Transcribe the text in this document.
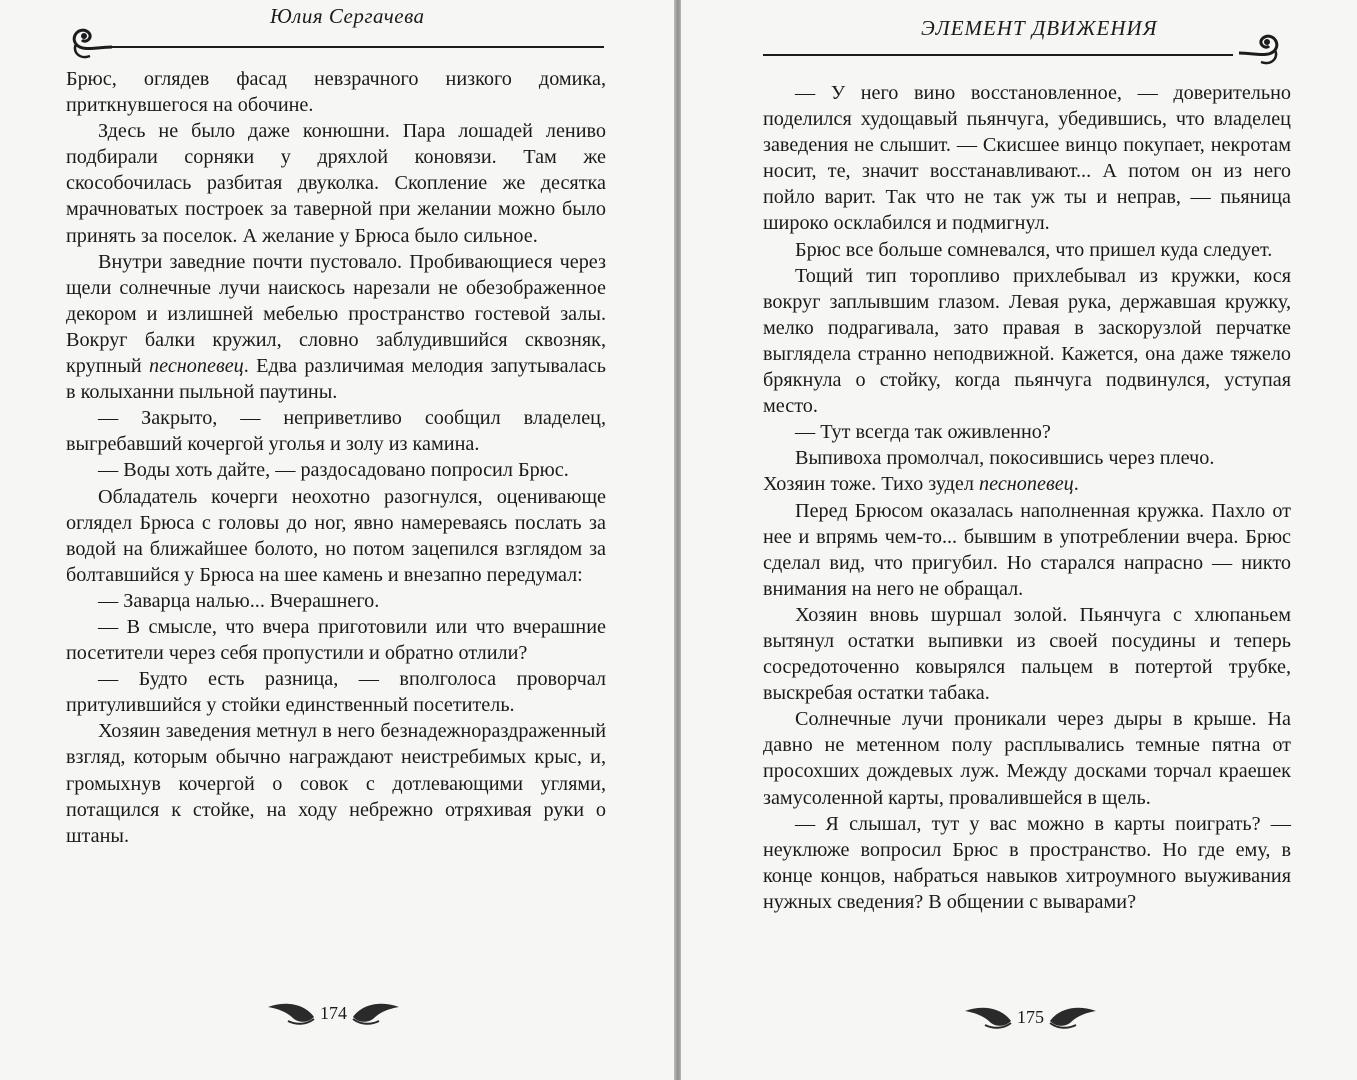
Юлия Сергачева

Брюс, оглядев фасад невзрачного низкого домика, приткнувшегося на обочине.

Здесь не было даже конюшни. Пара лошадей лениво подбирали сорняки у дряхлой коновязи. Там же скособочилась разбитая двуколка. Скопление же десятка мрачноватых построек за таверной при желании можно было принять за поселок. А желание у Брюса было сильное.

Внутри заведние почти пустовало. Пробивающиеся через щели солнечные лучи наискось нарезали не обезображенное декором и излишней мебелью пространство гостевой залы. Вокруг балки кружил, словно заблудившийся сквозняк, крупный песнопевец. Едва различимая мелодия запутывалась в колыханни пыльной паутины.

— Закрыто, — неприветливо сообщил владелец, выгребавший кочергой уголья и золу из камина.

— Воды хоть дайте, — раздосадовано попросил Брюс.

Обладатель кочерги неохотно разогнулся, оценивающе оглядел Брюса с головы до ног, явно намереваясь послать за водой на ближайшее болото, но потом зацепился взглядом за болтавшийся у Брюса на шее камень и внезапно передумал:

— Заварца налью... Вчерашнего.

— В смысле, что вчера приготовили или что вчерашние посетители через себя пропустили и обратно отлили?

— Будто есть разница, — вполголоса проворчал притулившийся у стойки единственный посетитель.

Хозяин заведения метнул в него безнадежнораздраженный взгляд, которым обычно награждают неистребимых крыс, и, громыхнув кочергой о совок с дотлевающими углями, потащился к стойке, на ходу небрежно отряхивая руки о штаны.

174
ЭЛЕМЕНТ ДВИЖЕНИЯ

— У него вино восстановленное, — доверительно поделился худощавый пьянчуга, убедившись, что владелец заведения не слышит. — Скисшее винцо покупает, некротам носит, те, значит восстанавливают... А потом он из него пойло варит. Так что не так уж ты и неправ, — пьяница широко осклабился и подмигнул.

Брюс все больше сомневался, что пришел куда следует.

Тощий тип торопливо прихлебывал из кружки, кося вокруг заплывшим глазом. Левая рука, державшая кружку, мелко подрагивала, зато правая в заскорузлой перчатке выглядела странно неподвижной. Кажется, она даже тяжело брякнула о стойку, когда пьянчуга подвинулся, уступая место.

— Тут всегда так оживленно?

Выпивоха промолчал, покосившись через плечо.

Хозяин тоже. Тихо зудел песнопевец.

Перед Брюсом оказалась наполненная кружка. Пахло от нее и впрямь чем-то... бывшим в употреблении вчера. Брюс сделал вид, что пригубил. Но старался напрасно — никто внимания на него не обращал.

Хозяин вновь шуршал золой. Пьянчуга с хлюпаньем вытянул остатки выпивки из своей посудины и теперь сосредоточенно ковырялся пальцем в потертой трубке, выскребая остатки табака.

Солнечные лучи проникали через дыры в крыше. На давно не метенном полу расплывались темные пятна от просохших дождевых луж. Между досками торчал краешек замусоленной карты, провалившейся в щель.

— Я слышал, тут у вас можно в карты поиграть? — неуклюже вопросил Брюс в пространство. Но где ему, в конце концов, набраться навыков хитроумного выуживания нужных сведения? В общении с выварами?

175
